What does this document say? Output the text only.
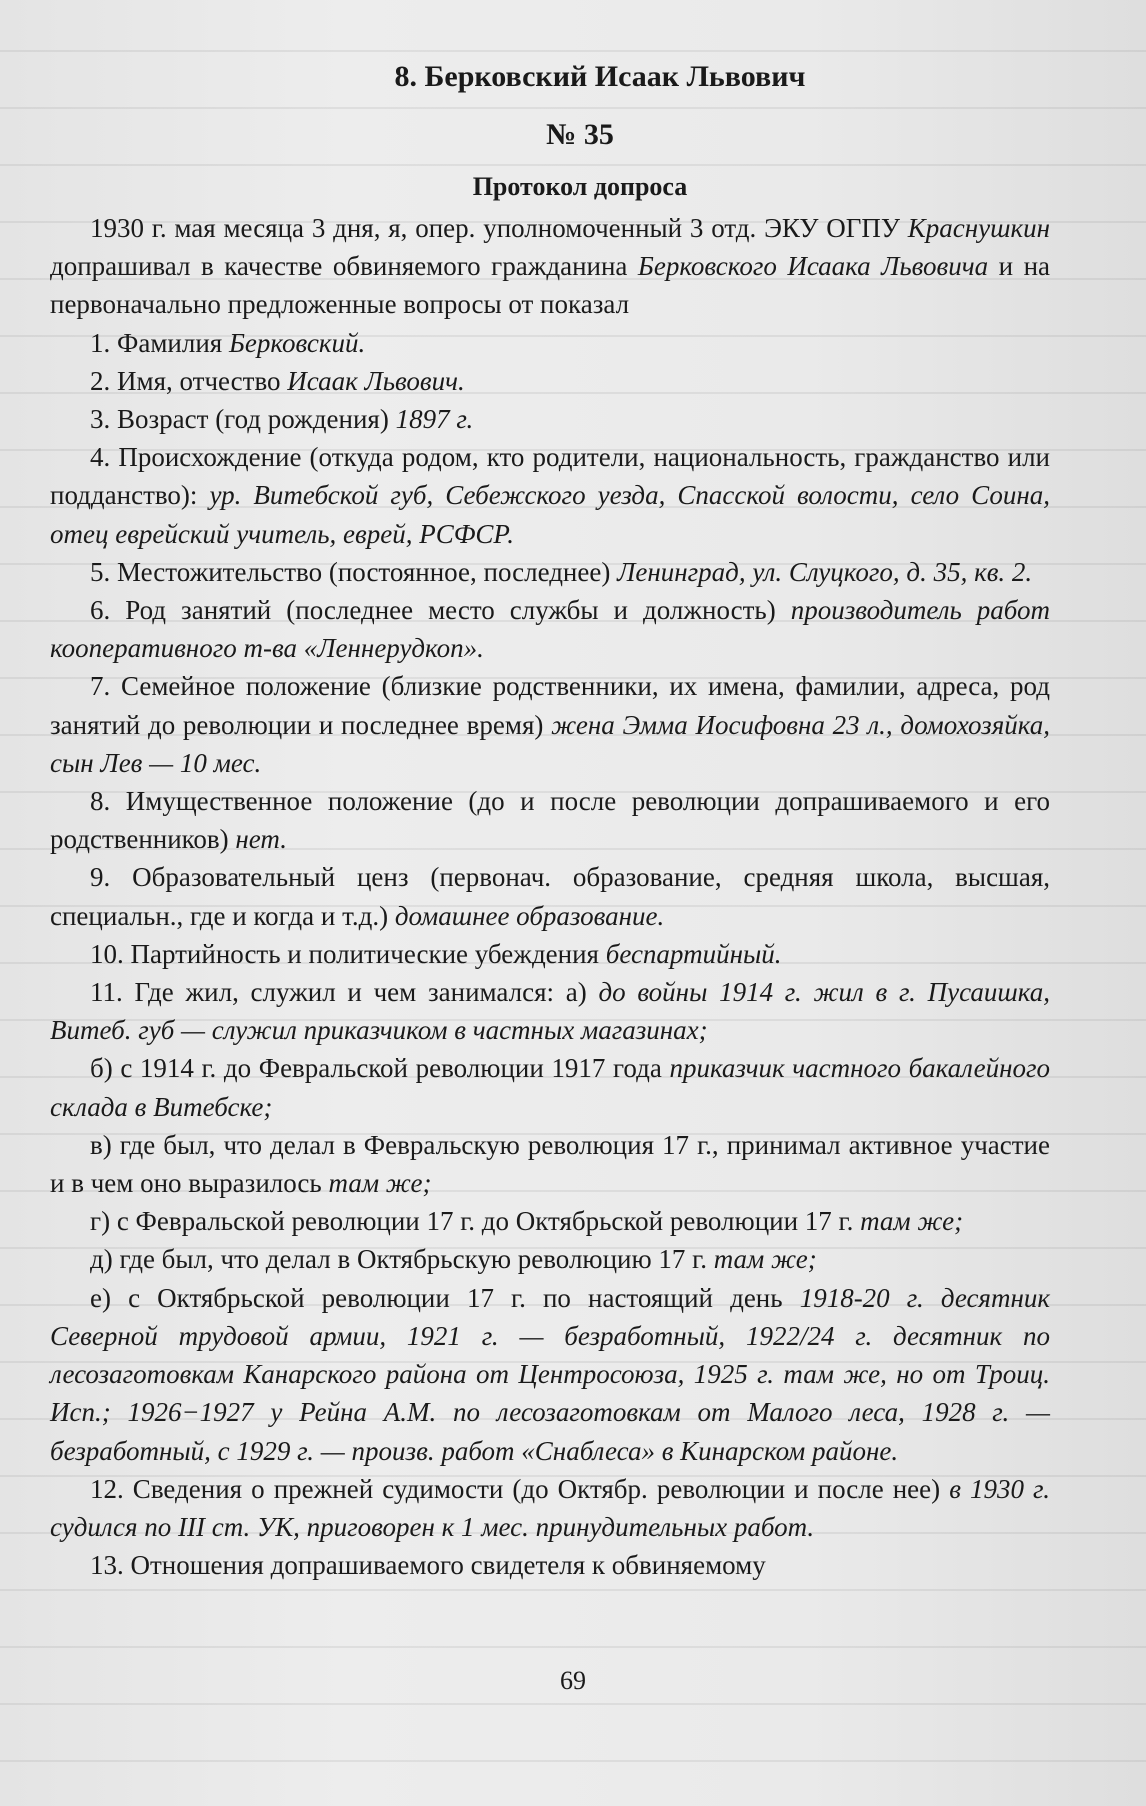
8. Берковский Исаак Львович
№ 35
Протокол допроса

1930 г. мая месяца 3 дня, я, опер. уполномоченный 3 отд. ЭКУ ОГПУ Краснушкин допрашивал в качестве обвиняемого гражданина Берковского Исаака Львовича и на первоначально предложенные вопросы от показал

1. Фамилия Берковский.

2. Имя, отчество Исаак Львович.

3. Возраст (год рождения) 1897 г.

4. Происхождение (откуда родом, кто родители, национальность, гражданство или подданство): ур. Витебской губ, Себежского уезда, Спасской волости, село Соина, отец еврейский учитель, еврей, РСФСР.

5. Местожительство (постоянное, последнее) Ленинград, ул. Слуцкого, д. 35, кв. 2.

6. Род занятий (последнее место службы и должность) производитель работ кооперативного т-ва «Леннерудкоп».

7. Семейное положение (близкие родственники, их имена, фамилии, адреса, род занятий до революции и последнее время) жена Эмма Иосифовна 23 л., домохозяйка, сын Лев — 10 мес.

8. Имущественное положение (до и после революции допрашиваемого и его родственников) нет.

9. Образовательный ценз (первонач. образование, средняя школа, высшая, специальн., где и когда и т.д.) домашнее образование.

10. Партийность и политические убеждения беспартийный.

11. Где жил, служил и чем занимался: а) до войны 1914 г. жил в г. Пусаишка, Витеб. губ — служил приказчиком в частных магазинах;

б) с 1914 г. до Февральской революции 1917 года приказчик частного бакалейного склада в Витебске;

в) где был, что делал в Февральскую революция 17 г., принимал активное участие и в чем оно выразилось там же;

г) с Февральской революции 17 г. до Октябрьской революции 17 г. там же;

д) где был, что делал в Октябрьскую революцию 17 г. там же;

е) с Октябрьской революции 17 г. по настоящий день 1918-20 г. десятник Северной трудовой армии, 1921 г. — безработный, 1922/24 г. десятник по лесозаготовкам Канарского района от Центросоюза, 1925 г. там же, но от Троиц. Исп.; 1926−1927 у Рейна А.М. по лесозаготовкам от Малого леса, 1928 г. — безработный, с 1929 г. — произв. работ «Снаблеса» в Кинарском районе.

12. Сведения о прежней судимости (до Октябр. революции и после нее) в 1930 г. судился по III ст. УК, приговорен к 1 мес. принудительных работ.

13. Отношения допрашиваемого свидетеля к обвиняемому

69
